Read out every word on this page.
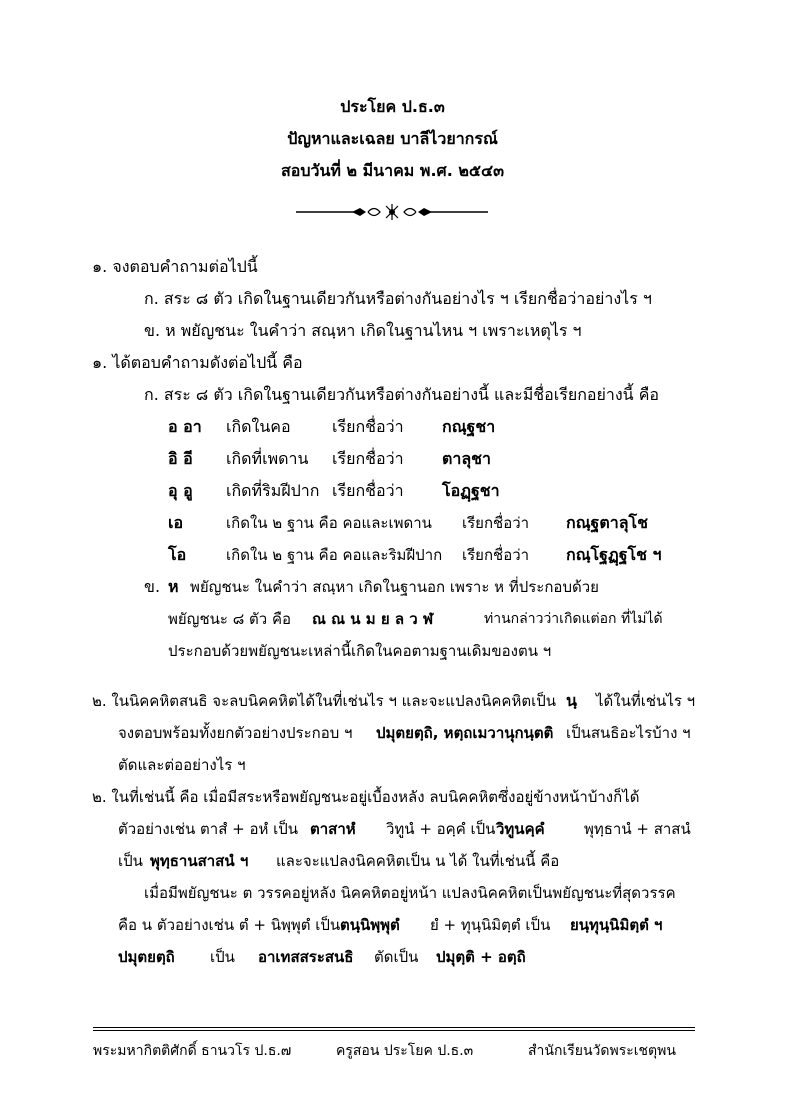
ประโยค ป.ธ.๓
ปัญหาและเฉลย บาลีไวยากรณ์
สอบวันที่ ๒ มีนาคม พ.ศ. ๒๕๔๓
๑. จงตอบคำถามต่อไปนี้
ก. สระ ๘ ตัว เกิดในฐานเดียวกันหรือต่างกันอย่างไร ฯ เรียกชื่อว่าอย่างไร ฯ
ข. ห พยัญชนะ ในคำว่า สณฺหา เกิดในฐานไหน ฯ เพราะเหตุไร ฯ
๑. ได้ตอบคำถามดังต่อไปนี้ คือ
ก. สระ ๘ ตัว เกิดในฐานเดียวกันหรือต่างกันอย่างนี้ และมีชื่อเรียกอย่างนี้ คือ
อ อา เกิดในคอ	เรียกชื่อว่า กณฺฐชา
อิ อี เกิดที่เพดาน เรียกชื่อว่า ตาลุชา
อุ อู เกิดที่ริมฝีปาก เรียกชื่อว่า โอฏฺฐชา
เอ	เกิดใน ๒ ฐาน คือ คอและเพดาน เรียกชื่อว่า กณฺฐตาลุโช
โอ	เกิดใน ๒ ฐาน คือ คอและริมฝีปาก เรียกชื่อว่า กณฺโฐฏฺฐโช ฯ
ข. ห พยัญชนะ ในคำว่า สณฺหา เกิดในฐานอก เพราะ ห ที่ประกอบด้วย
พยัญชนะ ๘ ตัว คือ ณ ณ น ม ย ล ว ฬ	ท่านกล่าวว่าเกิดแต่อก ที่ไม่ได้
ประกอบด้วยพยัญชนะเหล่านี้เกิดในคอตามฐานเดิมของตน ฯ
๒. ในนิคคหิตสนธิ จะลบนิคคหิตได้ในที่เช่นไร ฯ และจะแปลงนิคคหิตเป็น นฺ ได้ในที่เช่นไร ฯ
จงตอบพร้อมทั้งยกตัวอย่างประกอบ ฯ ปมุตยตฺถิ, หตฺถเมวานุกนฺตติ เป็นสนธิอะไรบ้าง ฯ
ตัดและต่ออย่างไร ฯ
๒. ในที่เช่นนี้ คือ เมื่อมีสระหรือพยัญชนะอยู่เบื้องหลัง ลบนิคคหิตซึ่งอยู่ข้างหน้าบ้างก็ได้
ตัวอย่างเช่น ตาสํ + อหํ เป็น ตาสาหํ วิทูนํ + อคฺคํ เป็น วิทูนคฺคํ	พุทฺธานํ + สาสนํ
เป็น พุทฺธานสาสนํ ฯ และจะแปลงนิคคหิตเป็น น ได้ ในที่เช่นนี้ คือ
เมื่อมีพยัญชนะ ต วรรคอยู่หลัง นิคคหิตอยู่หน้า แปลงนิคคหิตเป็นพยัญชนะที่สุดวรรค
คือ น ตัวอย่างเช่น ตํ + นิพฺพุตํ เป็น ตนฺนิพฺพุตํ ยํ + ทุนฺนิมิตฺตํ เป็น ยนฺทุนฺนิมิตฺตํ ฯ
ปมุตยตฺถิ เป็น อาเทสสระสนธิ ตัดเป็น ปมุตฺติ + อตฺถิ
พระมหากิตติศักดิ์ ธานวโร ป.ธ.๗	ครูสอน ประโยค ป.ธ.๓	สำนักเรียนวัดพระเชตุพน
